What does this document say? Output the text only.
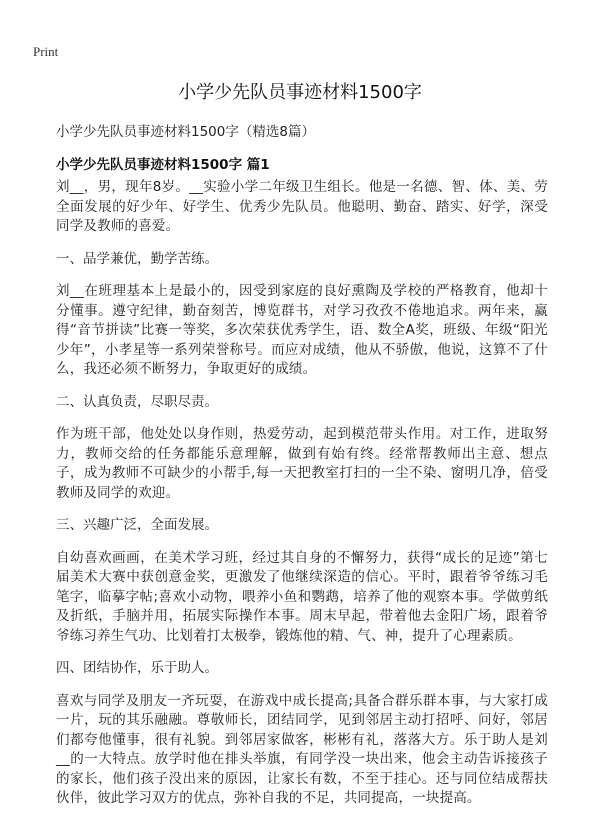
Print
小学少先队员事迹材料1500字
小学少先队员事迹材料1500字（精选8篇）
小学少先队员事迹材料1500字 篇1

刘__，男，现年8岁。__实验小学二年级卫生组长。他是一名德、智、体、美、劳全面发展的好少年、好学生、优秀少先队员。他聪明、勤奋、踏实、好学，深受同学及教师的喜爱。

一、品学兼优，勤学苦练。

刘__在班理基本上是最小的，因受到家庭的良好熏陶及学校的严格教育，他却十分懂事。遵守纪律，勤奋刻苦，博览群书，对学习孜孜不倦地追求。两年来，赢得“音节拼读”比赛一等奖，多次荣获优秀学生，语、数全A奖，班级、年级“阳光少年”，小孝星等一系列荣誉称号。而应对成绩，他从不骄傲，他说，这算不了什么，我还必须不断努力，争取更好的成绩。

二、认真负责，尽职尽责。

作为班干部，他处处以身作则，热爱劳动，起到模范带头作用。对工作，进取努力，教师交给的任务都能乐意理解，做到有始有终。经常帮教师出主意、想点子，成为教师不可缺少的小帮手,每一天把教室打扫的一尘不染、窗明几净，倍受教师及同学的欢迎。

三、兴趣广泛，全面发展。

自幼喜欢画画，在美术学习班，经过其自身的不懈努力，获得“成长的足迹”第七届美术大赛中获创意金奖，更激发了他继续深造的信心。平时，跟着爷爷练习毛笔字，临摹字帖;喜欢小动物，喂养小鱼和鹦鹉，培养了他的观察本事。学做剪纸及折纸，手脑并用，拓展实际操作本事。周末早起，带着他去金阳广场，跟着爷爷练习养生气功、比划着打太极拳，锻炼他的精、气、神，提升了心理素质。

四、团结协作，乐于助人。

喜欢与同学及朋友一齐玩耍，在游戏中成长提高;具备合群乐群本事，与大家打成一片，玩的其乐融融。尊敬师长，团结同学，见到邻居主动打招呼、问好，邻居们都夸他懂事，很有礼貌。到邻居家做客，彬彬有礼，落落大方。乐于助人是刘__的一大特点。放学时他在排头举旗，有同学没一块出来，他会主动告诉接孩子的家长，他们孩子没出来的原因，让家长有数，不至于挂心。还与同位结成帮扶伙伴，彼此学习双方的优点，弥补自我的不足，共同提高，一块提高。
